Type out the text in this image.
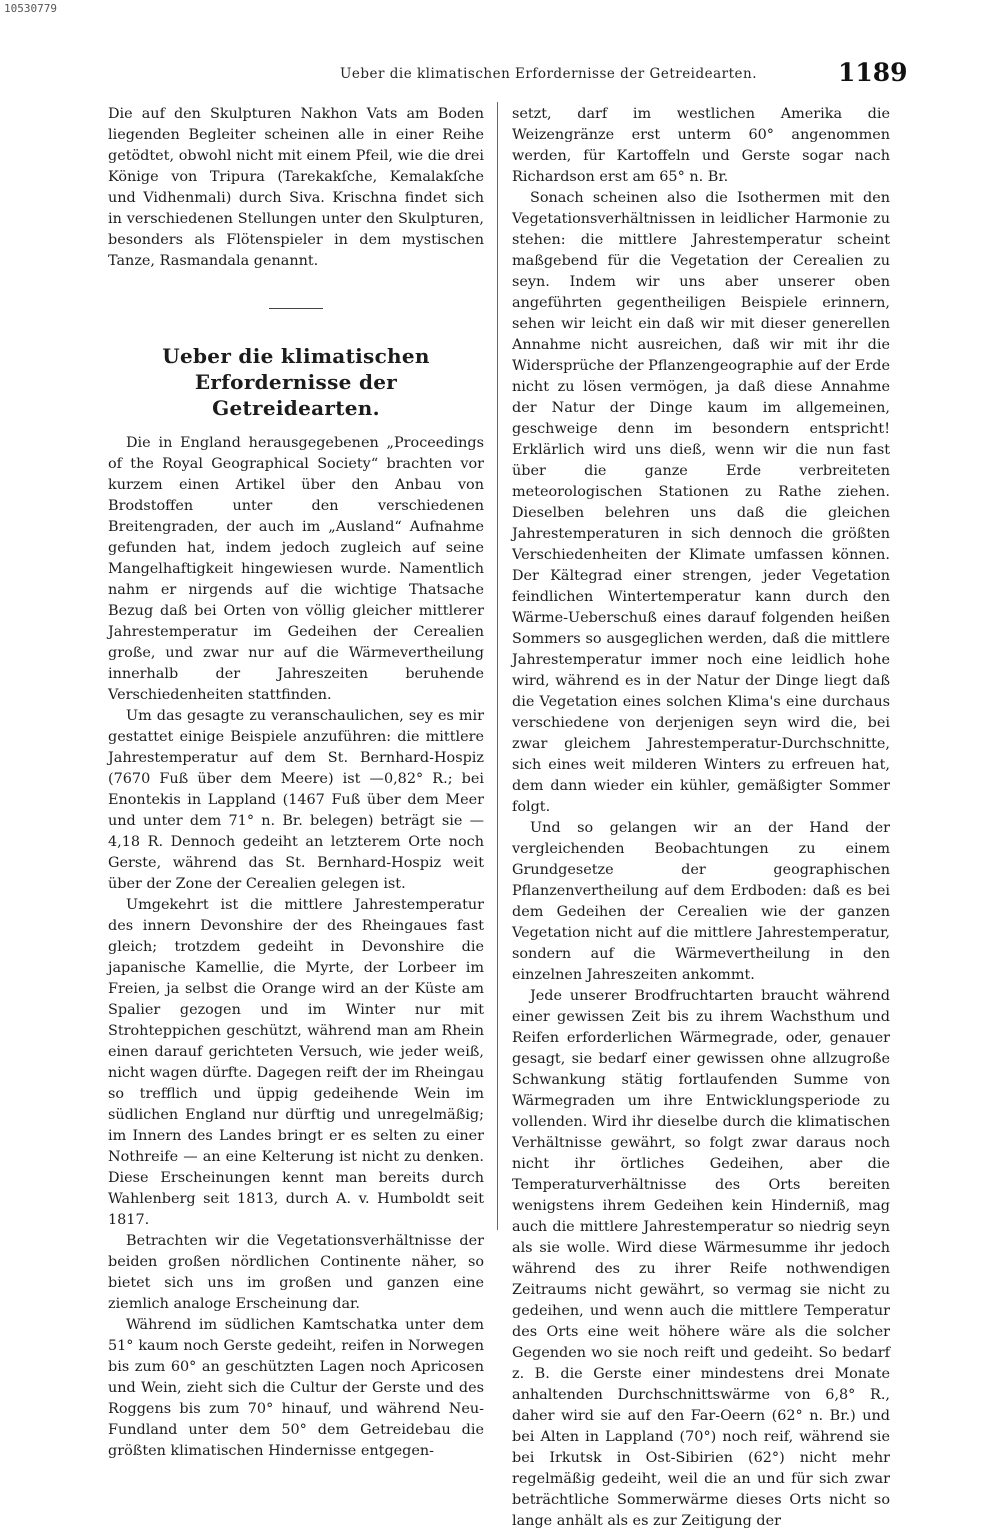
10530779
Ueber die klimatischen Erfordernisse der Getreidearten.	1189

Die auf den Skulpturen Nakhon Vats am Boden liegenden Begleiter scheinen alle in einer Reihe getödtet, obwohl nicht mit einem Pfeil, wie die drei Könige von Tripura (Tarekakſche, Kemalakſche und Vidhenmali) durch Siva. Krischna findet sich in verschiedenen Stellungen unter den Skulpturen, besonders als Flötenspieler in dem mystischen Tanze, Rasmandala genannt.

Ueber die klimatischen Erfordernisse der Getreidearten.

Die in England herausgegebenen „Proceedings of the Royal Geographical Society“ brachten vor kurzem einen Artikel über den Anbau von Brodstoffen unter den verschiedenen Breitengraden, der auch im „Ausland“ Aufnahme gefunden hat, indem jedoch zugleich auf seine Mangelhaftigkeit hingewiesen wurde. Namentlich nahm er nirgends auf die wichtige Thatsache Bezug daß bei Orten von völlig gleicher mittlerer Jahrestemperatur im Gedeihen der Cerealien große, und zwar nur auf die Wärmevertheilung innerhalb der Jahreszeiten beruhende Verschiedenheiten stattfinden.

Um das gesagte zu veranschaulichen, sey es mir gestattet einige Beispiele anzuführen: die mittlere Jahrestemperatur auf dem St. Bernhard-Hospiz (7670 Fuß über dem Meere) ist —0,82° R.; bei Enontekis in Lappland (1467 Fuß über dem Meer und unter dem 71° n. Br. belegen) beträgt sie —4,18 R. Dennoch gedeiht an letzterem Orte noch Gerste, während das St. Bernhard-Hospiz weit über der Zone der Cerealien gelegen ist.

Umgekehrt ist die mittlere Jahrestemperatur des innern Devonshire der des Rheingaues fast gleich; trotzdem gedeiht in Devonshire die japanische Kamellie, die Myrte, der Lorbeer im Freien, ja selbst die Orange wird an der Küste am Spalier gezogen und im Winter nur mit Strohteppichen geschützt, während man am Rhein einen darauf gerichteten Versuch, wie jeder weiß, nicht wagen dürfte. Dagegen reift der im Rheingau so trefflich und üppig gedeihende Wein im südlichen England nur dürftig und unregelmäßig; im Innern des Landes bringt er es selten zu einer Nothreife — an eine Kelterung ist nicht zu denken. Diese Erscheinungen kennt man bereits durch Wahlenberg seit 1813, durch A. v. Humboldt seit 1817.

Betrachten wir die Vegetationsverhältnisse der beiden großen nördlichen Continente näher, so bietet sich uns im großen und ganzen eine ziemlich analoge Erscheinung dar.

Während im südlichen Kamtschatka unter dem 51° kaum noch Gerste gedeiht, reifen in Norwegen bis zum 60° an geschützten Lagen noch Apricosen und Wein, zieht sich die Cultur der Gerste und des Roggens bis zum 70° hinauf, und während Neu-Fundland unter dem 50° dem Getreidebau die größten klimatischen Hindernisse entgegen-

setzt, darf im westlichen Amerika die Weizengränze erst unterm 60° angenommen werden, für Kartoffeln und Gerste sogar nach Richardson erst am 65° n. Br.

Sonach scheinen also die Isothermen mit den Vegetationsverhältnissen in leidlicher Harmonie zu stehen: die mittlere Jahrestemperatur scheint maßgebend für die Vegetation der Cerealien zu seyn. Indem wir uns aber unserer oben angeführten gegentheiligen Beispiele erinnern, sehen wir leicht ein daß wir mit dieser generellen Annahme nicht ausreichen, daß wir mit ihr die Widersprüche der Pflanzengeographie auf der Erde nicht zu lösen vermögen, ja daß diese Annahme der Natur der Dinge kaum im allgemeinen, geschweige denn im besondern entspricht! Erklärlich wird uns dieß, wenn wir die nun fast über die ganze Erde verbreiteten meteorologischen Stationen zu Rathe ziehen. Dieselben belehren uns daß die gleichen Jahrestemperaturen in sich dennoch die größten Verschiedenheiten der Klimate umfassen können. Der Kältegrad einer strengen, jeder Vegetation feindlichen Wintertemperatur kann durch den Wärme-Ueberschuß eines darauf folgenden heißen Sommers so ausgeglichen werden, daß die mittlere Jahrestemperatur immer noch eine leidlich hohe wird, während es in der Natur der Dinge liegt daß die Vegetation eines solchen Klima's eine durchaus verschiedene von derjenigen seyn wird die, bei zwar gleichem Jahrestemperatur-Durchschnitte, sich eines weit milderen Winters zu erfreuen hat, dem dann wieder ein kühler, gemäßigter Sommer folgt.

Und so gelangen wir an der Hand der vergleichenden Beobachtungen zu einem Grundgesetze der geographischen Pflanzenvertheilung auf dem Erdboden: daß es bei dem Gedeihen der Cerealien wie der ganzen Vegetation nicht auf die mittlere Jahrestemperatur, sondern auf die Wärmevertheilung in den einzelnen Jahreszeiten ankommt.

Jede unserer Brodfruchtarten braucht während einer gewissen Zeit bis zu ihrem Wachsthum und Reifen erforderlichen Wärmegrade, oder, genauer gesagt, sie bedarf einer gewissen ohne allzugroße Schwankung stätig fortlaufenden Summe von Wärmegraden um ihre Entwicklungsperiode zu vollenden. Wird ihr dieselbe durch die klimatischen Verhältnisse gewährt, so folgt zwar daraus noch nicht ihr örtliches Gedeihen, aber die Temperaturverhältnisse des Orts bereiten wenigstens ihrem Gedeihen kein Hinderniß, mag auch die mittlere Jahrestemperatur so niedrig seyn als sie wolle. Wird diese Wärmesumme ihr jedoch während des zu ihrer Reife nothwendigen Zeitraums nicht gewährt, so vermag sie nicht zu gedeihen, und wenn auch die mittlere Temperatur des Orts eine weit höhere wäre als die solcher Gegenden wo sie noch reift und gedeiht. So bedarf z. B. die Gerste einer mindestens drei Monate anhaltenden Durchschnittswärme von 6,8° R., daher wird sie auf den Far-Oeern (62° n. Br.) und bei Alten in Lappland (70°) noch reif, während sie bei Irkutsk in Ost-Sibirien (62°) nicht mehr regelmäßig gedeiht, weil die an und für sich zwar beträchtliche Sommerwärme dieses Orts nicht so lange anhält als es zur Zeitigung der
